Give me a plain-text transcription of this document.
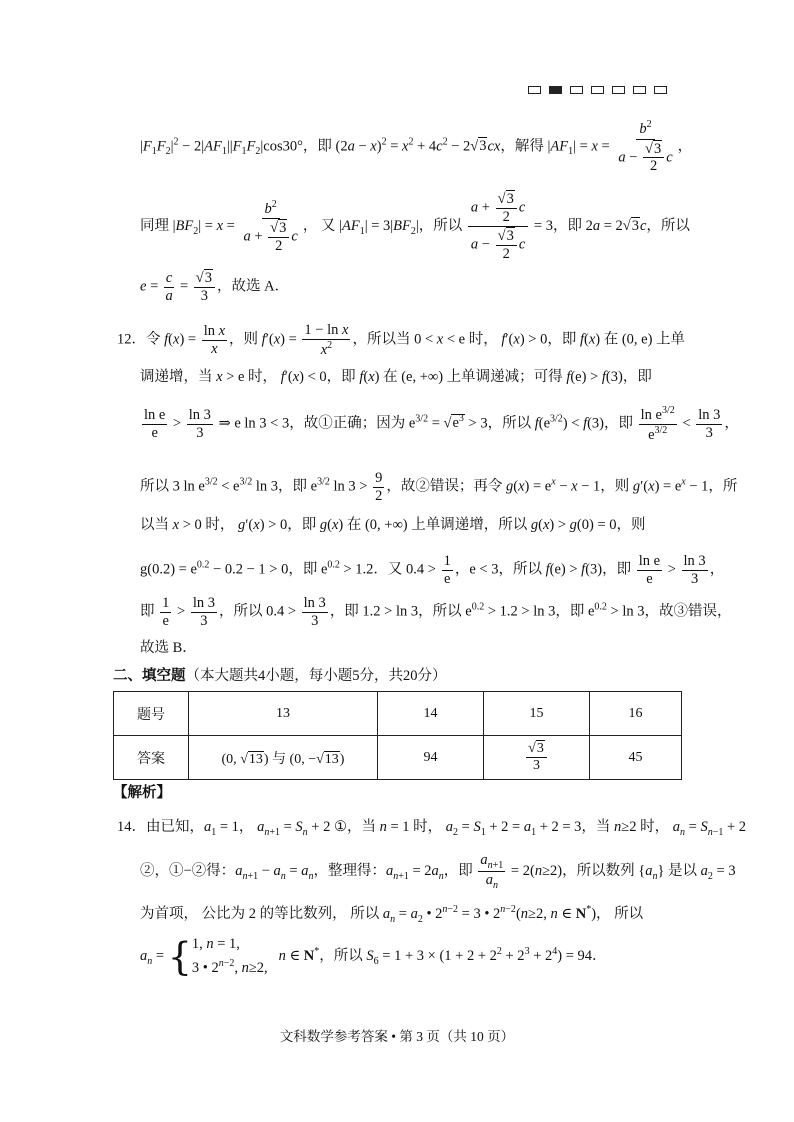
$|F_1F_2|^2 - 2|AF_1||F_1F_2|\cos 30^\circ$，即 $(2a - x)^2 = x^2 + 4c^2 - 2√3cx$，解得 $|AF_1| = x = \frac{b^2}{a - \frac{√3}{2} c}$ ，
同理 $|BF_2| = x = \frac{b^2}{a + \frac{√3}{2} c}$ ， 又 $|AF_1| = 3|BF_2|$，所以 $\frac{a + \frac{√3}{2} c}{a - \frac{√3}{2} c} = 3$，即 2a = 2√3c，所以
$e = \frac{c}{a} = \frac{√3}{3}$ ，故选 A．
12．令 $f(x) = \frac{\text{ln x}}{x}$ ，则 $f'(x) = \frac{\text{1 − ln x}}{x^2}$ ，所以当 0 < x < e 时， f′(x) > 0，即 f(x) 在 (0, e) 上单
调递增，当 x > e 时， f′(x) < 0，即 f(x) 在 (e, +∞) 上单调递减；可得 f(e) > f(3)，即
$\frac{\text{ln e}}{e} > \frac{\ln 3}{3}$ ⇒ e ln 3 < 3，故①正确；因为 $e^{3/2} = √e^3 > 3$，所以 $f(e^{3/2}) < f(3)$，即 $\frac{\ln e^{3/2}}{e^{3/2}} < \frac{\ln 3}{3}$ ，
所以 3 $\ln e^{3/2} < e^{3/2}$ ln 3，即 $e^{3/2}$ $\ln 3 > \frac{9}{2}$ ，故②错误；再令 $g(x) = e^x - x - 1$，则 $g'(x) = e^x - 1$，所
以当 x > 0 时， g′(x) > 0，即 g(x) 在 (0, +∞) 上单调递增，所以 g(x) > g(0) = 0，则
$g(0.2) = e^{0.2} - 0.2 - 1 > 0$，即 $e^{0.2} > 1.2$．又 $0.4 > \frac{1}{e}$ ，e < 3，所以 f(e) > f(3)，即 $\frac{\text{ln e}}{e} > \frac{\ln 3}{3}$ ，
即 $\frac{1}{e} > \frac{\ln 3}{3}$ ，所以 $0.4 > \frac{\ln 3}{3}$ ，即 1.2 > ln 3，所以 $e^{0.2} > 1.2 > \ln 3$，即 $e^{0.2} > \ln 3$，故③错误，
故选 B．
二、填空题（本大题共4小题，每小题5分，共20分）
题号	13	14	15	16
答案	(0, √13) 与 (0, −√13)	94	$\frac{√3}{3}$	45
【解析】
14．由已知，$a_1 = 1$， $a_{n+1} = S_n + 2$ ①，当 n = 1 时， $a_2 = S_1 + 2 = a_1 + 2 = 3$，当 n≥2 时， $a_n = S_{n-1} + 2$
②，①−②得：$a_{n+1} - a_n = a_n$，整理得：$a_{n+1} = 2a_n$，即 $\frac{a_{n+1}}{a_n} = 2(n\ge 2)$，所以数列 $\{a_n\}$ 是以 $a_2 = 3$
为首项， 公比为 2 的等比数列， 所以 $a_n = a_2$ • $2^{n-2} = 3$ • $2^{n-2}(n\ge 2$, n ∈ N*)， 所以
$a_n$ = { 1, n = 1,
3 • $2^{n-2}$, n≥2,
n ∈ N*，所以 $S_6 = 1 + 3 \times (1 + 2 + 2^2 + 2^3 + 2^4) = 94$．
文科数学参考答案 • 第 3 页（共 10 页）
